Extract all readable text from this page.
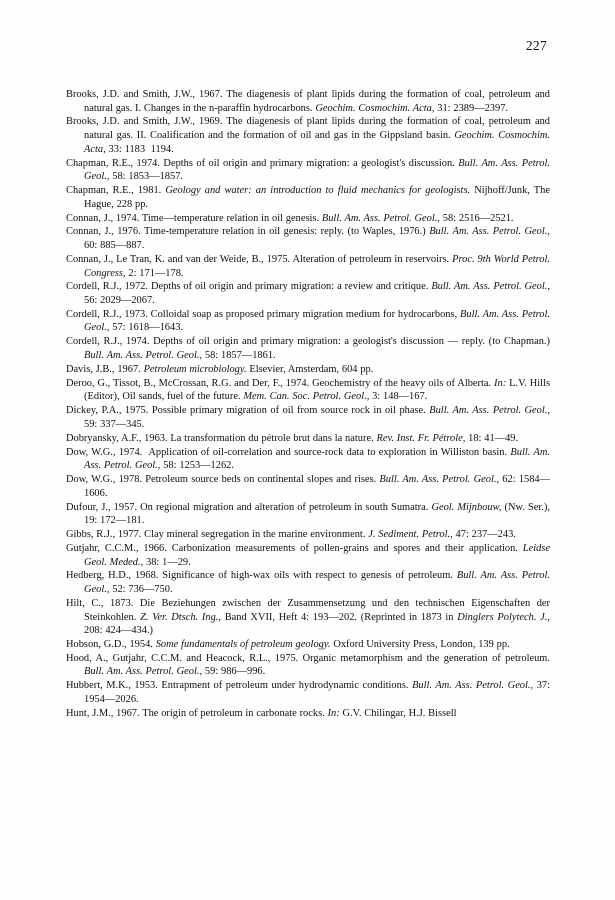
227
Brooks, J.D. and Smith, J.W., 1967. The diagenesis of plant lipids during the formation of coal, petroleum and natural gas. I. Changes in the n-paraffin hydrocarbons. Geochim. Cosmochim. Acta, 31: 2389—2397.
Brooks, J.D. and Smith, J.W., 1969. The diagenesis of plant lipids during the formation of coal, petroleum and natural gas. II. Coalification and the formation of oil and gas in the Gippsland basin. Geochim. Cosmochim. Acta, 33: 1183  1194.
Chapman, R.E., 1974. Depths of oil origin and primary migration: a geologist's discussion. Bull. Am. Ass. Petrol. Geol., 58: 1853—1857.
Chapman, R.E., 1981. Geology and water: an introduction to fluid mechanics for geologists. Nijhoff/Junk, The Hague, 228 pp.
Connan, J., 1974. Time—temperature relation in oil genesis. Bull. Am. Ass. Petrol. Geol., 58: 2516—2521.
Connan, J., 1976. Time-temperature relation in oil genesis: reply. (to Waples, 1976.) Bull. Am. Ass. Petrol. Geol., 60: 885—887.
Connan, J., Le Tran, K. and van der Weide, B., 1975. Alteration of petroleum in reservoirs. Proc. 9th World Petrol. Congress, 2: 171—178.
Cordell, R.J., 1972. Depths of oil origin and primary migration: a review and critique. Bull. Am. Ass. Petrol. Geol., 56: 2029—2067.
Cordell, R.J., 1973. Colloidal soap as proposed primary migration medium for hydrocarbons, Bull. Am. Ass. Petrol. Geol., 57: 1618—1643.
Cordell, R.J., 1974. Depths of oil origin and primary migration: a geologist's discussion — reply. (to Chapman.) Bull. Am. Ass. Petrol. Geol., 58: 1857—1861.
Davis, J.B., 1967. Petroleum microbiology. Elsevier, Amsterdam, 604 pp.
Deroo, G., Tissot, B., McCrossan, R.G. and Der, F., 1974. Geochemistry of the heavy oils of Alberta. In: L.V. Hills (Editor), Oil sands, fuel of the future. Mem. Can. Soc. Petrol. Geol., 3: 148—167.
Dickey, P.A., 1975. Possible primary migration of oil from source rock in oil phase. Bull. Am. Ass. Petrol. Geol., 59: 337—345.
Dobryansky, A.F., 1963. La transformation du pétrole brut dans la nature. Rev. Inst. Fr. Pétrole, 18: 41—49.
Dow, W.G., 1974.  Application of oil-correlation and source-rock data to exploration in Williston basin. Bull. Am. Ass. Petrol. Geol., 58: 1253—1262.
Dow, W.G., 1978. Petroleum source beds on continental slopes and rises. Bull. Am. Ass. Petrol. Geol., 62: 1584—1606.
Dufour, J., 1957. On regional migration and alteration of petroleum in south Sumatra. Geol. Mijnbouw, (Nw. Ser.), 19: 172—181.
Gibbs, R.J., 1977. Clay mineral segregation in the marine environment. J. Sediment. Petrol., 47: 237—243.
Gutjahr, C.C.M., 1966. Carbonization measurements of pollen-grains and spores and their application. Leidse Geol. Meded., 38: 1—29.
Hedberg, H.D., 1968. Significance of high-wax oils with respect to genesis of petroleum. Bull. Am. Ass. Petrol. Geol., 52: 736—750.
Hilt, C., 1873. Die Beziehungen zwischen der Zusammensetzung und den technischen Eigenschaften der Steinkohlen. Z. Ver. Dtsch. Ing., Band XVII, Heft 4: 193—202. (Reprinted in 1873 in Dinglers Polytech. J., 208: 424—434.)
Hobson, G.D., 1954. Some fundamentals of petroleum geology. Oxford University Press, London, 139 pp.
Hood, A., Gutjahr, C.C.M. and Heacock, R.L., 1975. Organic metamorphism and the generation of petroleum. Bull. Am. Ass. Petrol. Geol., 59: 986—996.
Hubbert, M.K., 1953. Entrapment of petroleum under hydrodynamic conditions. Bull. Am. Ass. Petrol. Geol., 37: 1954—2026.
Hunt, J.M., 1967. The origin of petroleum in carbonate rocks. In: G.V. Chilingar, H.J. Bissell
